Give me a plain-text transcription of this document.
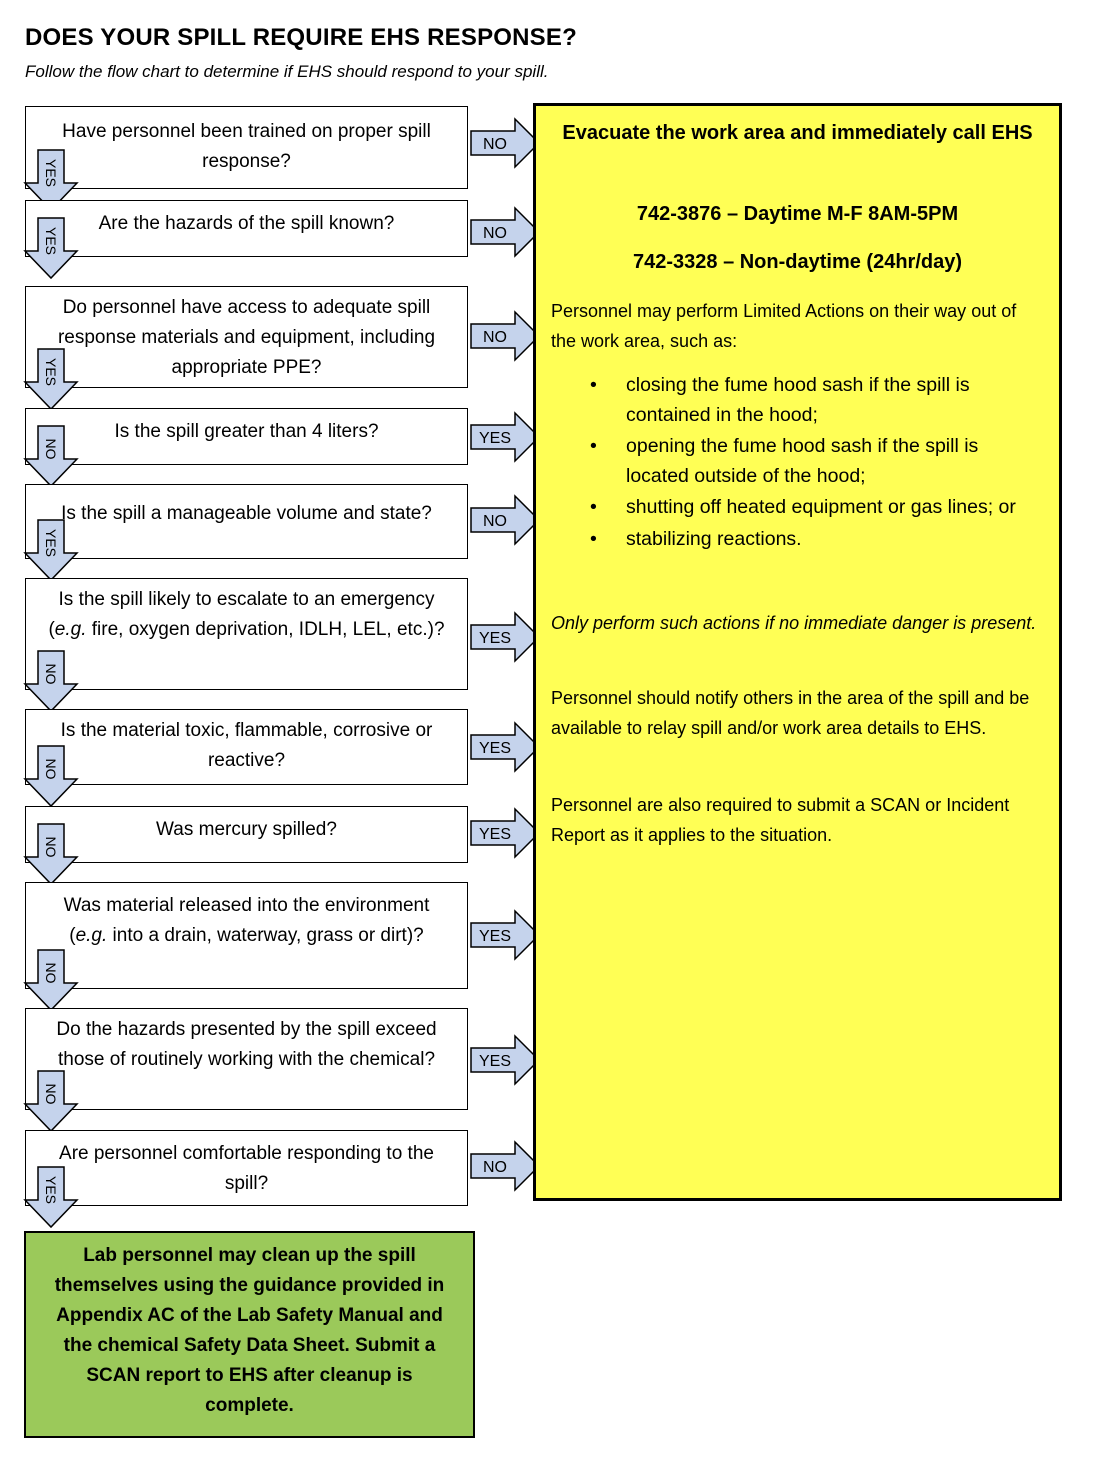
DOES YOUR SPILL REQUIRE EHS RESPONSE?
Follow the flow chart to determine if EHS should respond to your spill.
Have personnel been trained on proper spill response?
NO
YES
Are the hazards of the spill known?	NO
YES
Do personnel have access to adequate spill response materials and equipment, including appropriate PPE?
NO
YES
Is the spill greater than 4 liters?	YES
NO
Is the spill a manageable volume and state?	NO
YES
Is the spill likely to escalate to an emergency (e.g. fire, oxygen deprivation, IDLH, LEL, etc.)?	YES
NO
Is the material toxic, flammable, corrosive or reactive?
YES
NO
Was mercury spilled?	YES
NO
Was material released into the environment (e.g. into a drain, waterway, grass or dirt)?	YES
NO
Do the hazards presented by the spill exceed those of routinely working with the chemical?	YES
NO
Are personnel comfortable responding to the spill?
NO
YES
Evacuate the work area and immediately call EHS
742-3876 – Daytime M-F 8AM-5PM
742-3328 – Non-daytime (24hr/day)
Personnel may perform Limited Actions on their way out of the work area, such as:
• closing the fume hood sash if the spill is contained in the hood;
• opening the fume hood sash if the spill is located outside of the hood;
• shutting off heated equipment or gas lines; or
• stabilizing reactions.
Only perform such actions if no immediate danger is present.
Personnel should notify others in the area of the spill and be available to relay spill and/or work area details to EHS.
Personnel are also required to submit a SCAN or Incident Report as it applies to the situation.
Lab personnel may clean up the spill themselves using the guidance provided in Appendix AC of the Lab Safety Manual and the chemical Safety Data Sheet. Submit a SCAN report to EHS after cleanup is complete.
